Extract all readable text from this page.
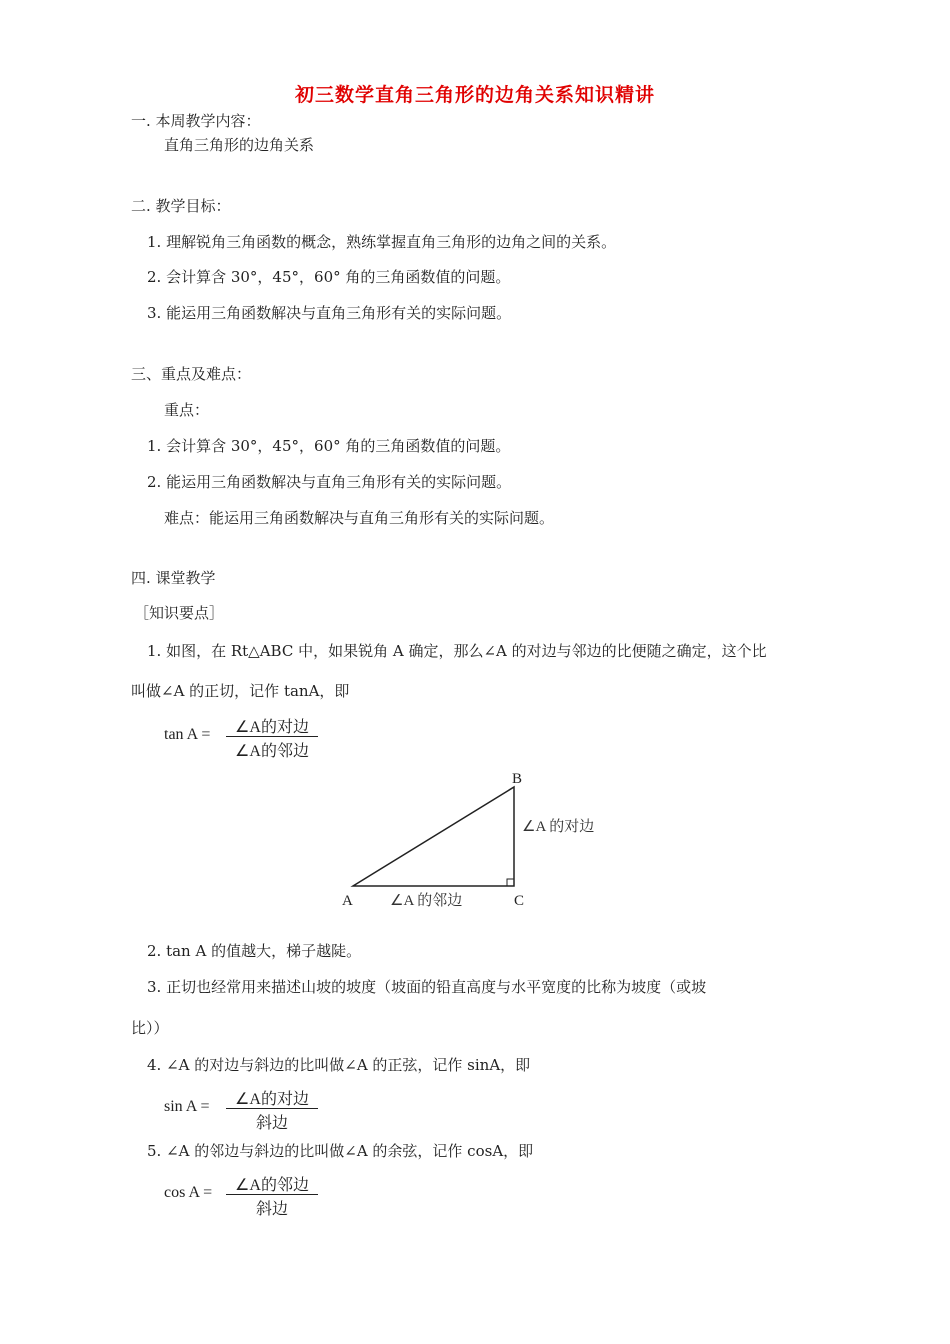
初三数学直角三角形的边角关系知识精讲
一. 本周教学内容：
直角三角形的边角关系
二. 教学目标：
1. 理解锐角三角函数的概念，熟练掌握直角三角形的边角之间的关系。
2. 会计算含 30°，45°，60° 角的三角函数值的问题。
3. 能运用三角函数解决与直角三角形有关的实际问题。
三、重点及难点：
重点：
1. 会计算含 30°，45°，60° 角的三角函数值的问题。
2. 能运用三角函数解决与直角三角形有关的实际问题。
难点：能运用三角函数解决与直角三角形有关的实际问题。
四. 课堂教学
［知识要点］
1. 如图，在 Rt△ABC 中，如果锐角 A 确定，那么∠A 的对边与邻边的比便随之确定，这个比
叫做∠A 的正切，记作 tanA，即
tan A =	∠A的对边
∠A的邻边
B
A	C
∠A 的对边
∠A 的邻边
2. tan A 的值越大，梯子越陡。
3. 正切也经常用来描述山坡的坡度（坡面的铅直高度与水平宽度的比称为坡度（或坡
比））
4. ∠A 的对边与斜边的比叫做∠A 的正弦，记作 sinA，即
sin A =	∠A的对边
斜边
5. ∠A 的邻边与斜边的比叫做∠A 的余弦，记作 cosA，即
cos A =	∠A的邻边
斜边
